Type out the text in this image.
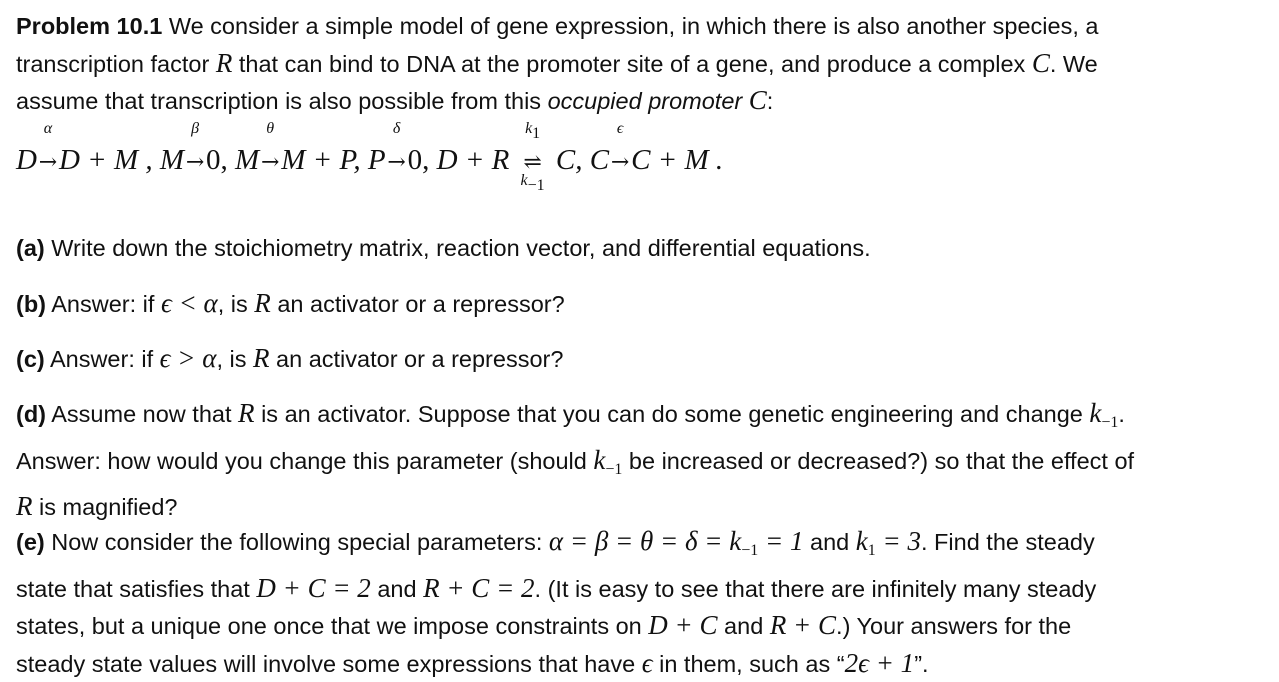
Problem 10.1 We consider a simple model of gene expression, in which there is also another species, a
transcription factor R that can bind to DNA at the promoter site of a gene, and produce a complex C. We
assume that transcription is also possible from this occupied promoter C:

D
α
→D + M , M
β
→0, M
θ
→M + P, P
δ
→0, D + R
k1
⇌
k−1
C, C
ϵ
→C + M .

(a) Write down the stoichiometry matrix, reaction vector, and differential equations.

(b) Answer: if ϵ < α, is R an activator or a repressor?

(c) Answer: if ϵ > α, is R an activator or a repressor?

(d) Assume now that R is an activator. Suppose that you can do some genetic engineering and change $k_{-1}$.
Answer: how would you change this parameter (should $k_{-1}$ be increased or decreased?) so that the effect of
R is magnified?

(e) Now consider the following special parameters: $\alpha = \beta = \theta = \delta = k_{-1} = 1$ and $k_1 = 3$. Find the steady
state that satisfies that D + C = 2 and R + C = 2. (It is easy to see that there are infinitely many steady
states, but a unique one once that we impose constraints on D + C and R + C.) Your answers for the
steady state values will involve some expressions that have ϵ in them, such as “2ϵ + 1”.
